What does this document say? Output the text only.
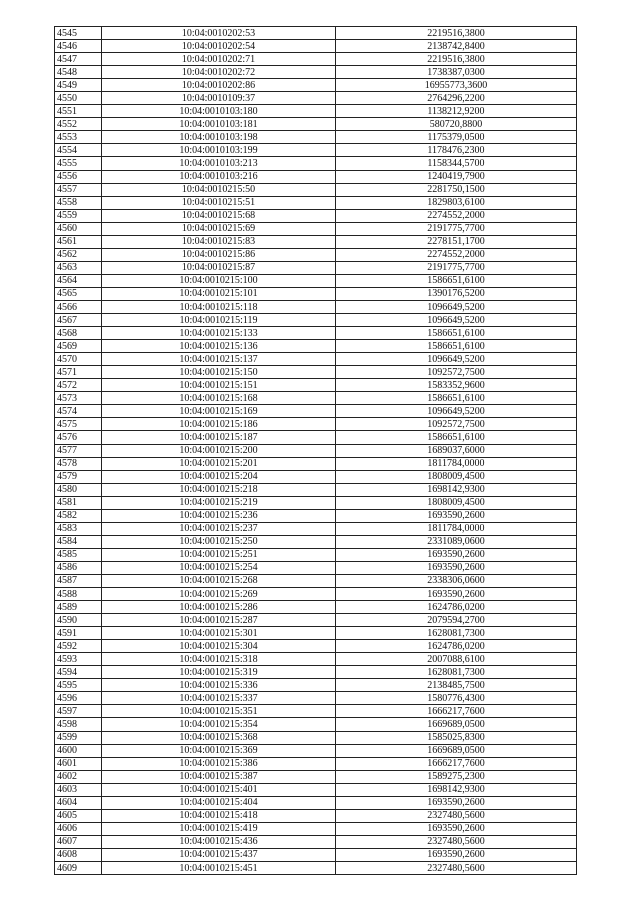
4545	10:04:0010202:53	2219516,3800
4546	10:04:0010202:54	2138742,8400
4547	10:04:0010202:71	2219516,3800
4548	10:04:0010202:72	1738387,0300
4549	10:04:0010202:86	16955773,3600
4550	10:04:0010109:37	2764296,2200
4551	10:04:0010103:180	1138212,9200
4552	10:04:0010103:181	580720,8800
4553	10:04:0010103:198	1175379,0500
4554	10:04:0010103:199	1178476,2300
4555	10:04:0010103:213	1158344,5700
4556	10:04:0010103:216	1240419,7900
4557	10:04:0010215:50	2281750,1500
4558	10:04:0010215:51	1829803,6100
4559	10:04:0010215:68	2274552,2000
4560	10:04:0010215:69	2191775,7700
4561	10:04:0010215:83	2278151,1700
4562	10:04:0010215:86	2274552,2000
4563	10:04:0010215:87	2191775,7700
4564	10:04:0010215:100	1586651,6100
4565	10:04:0010215:101	1390176,5200
4566	10:04:0010215:118	1096649,5200
4567	10:04:0010215:119	1096649,5200
4568	10:04:0010215:133	1586651,6100
4569	10:04:0010215:136	1586651,6100
4570	10:04:0010215:137	1096649,5200
4571	10:04:0010215:150	1092572,7500
4572	10:04:0010215:151	1583352,9600
4573	10:04:0010215:168	1586651,6100
4574	10:04:0010215:169	1096649,5200
4575	10:04:0010215:186	1092572,7500
4576	10:04:0010215:187	1586651,6100
4577	10:04:0010215:200	1689037,6000
4578	10:04:0010215:201	1811784,0000
4579	10:04:0010215:204	1808009,4500
4580	10:04:0010215:218	1698142,9300
4581	10:04:0010215:219	1808009,4500
4582	10:04:0010215:236	1693590,2600
4583	10:04:0010215:237	1811784,0000
4584	10:04:0010215:250	2331089,0600
4585	10:04:0010215:251	1693590,2600
4586	10:04:0010215:254	1693590,2600
4587	10:04:0010215:268	2338306,0600
4588	10:04:0010215:269	1693590,2600
4589	10:04:0010215:286	1624786,0200
4590	10:04:0010215:287	2079594,2700
4591	10:04:0010215:301	1628081,7300
4592	10:04:0010215:304	1624786,0200
4593	10:04:0010215:318	2007088,6100
4594	10:04:0010215:319	1628081,7300
4595	10:04:0010215:336	2138485,7500
4596	10:04:0010215:337	1580776,4300
4597	10:04:0010215:351	1666217,7600
4598	10:04:0010215:354	1669689,0500
4599	10:04:0010215:368	1585025,8300
4600	10:04:0010215:369	1669689,0500
4601	10:04:0010215:386	1666217,7600
4602	10:04:0010215:387	1589275,2300
4603	10:04:0010215:401	1698142,9300
4604	10:04:0010215:404	1693590,2600
4605	10:04:0010215:418	2327480,5600
4606	10:04:0010215:419	1693590,2600
4607	10:04:0010215:436	2327480,5600
4608	10:04:0010215:437	1693590,2600
4609	10:04:0010215:451	2327480,5600
